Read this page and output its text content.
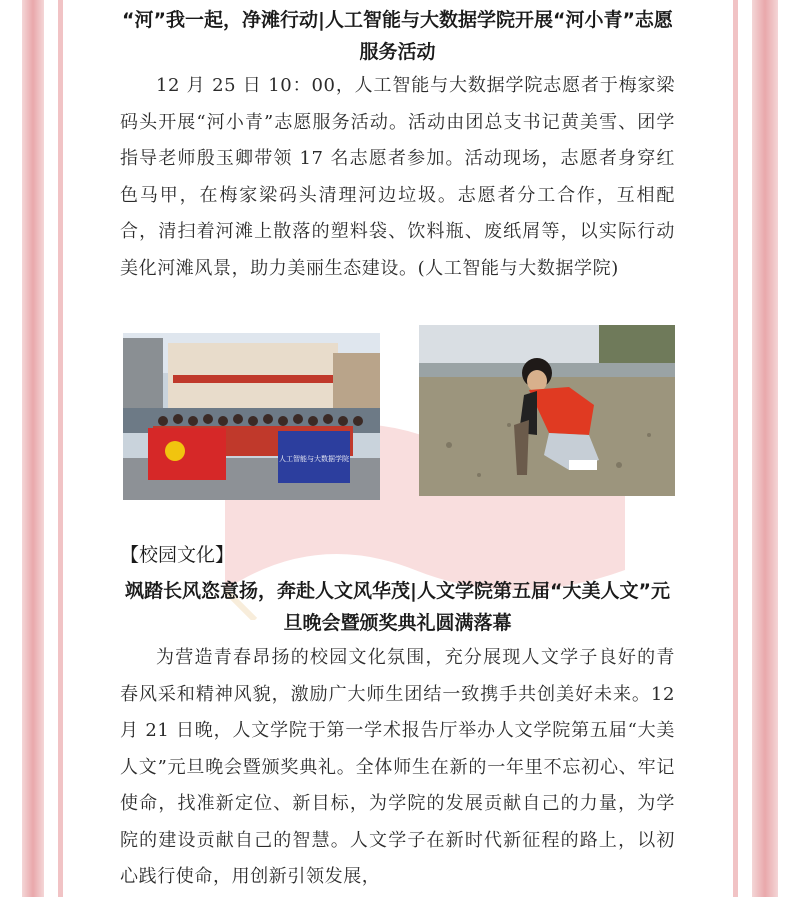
“河”我一起，净滩行动|人工智能与大数据学院开展“河小青”志愿服务活动

12 月 25 日 10：00，人工智能与大数据学院志愿者于梅家梁码头开展“河小青”志愿服务活动。活动由团总支书记黄美雪、团学指导老师殷玉卿带领 17 名志愿者参加。活动现场，志愿者身穿红色马甲，在梅家梁码头清理河边垃圾。志愿者分工合作，互相配合，清扫着河滩上散落的塑料袋、饮料瓶、废纸屑等，以实际行动美化河滩风景，助力美丽生态建设。(人工智能与大数据学院)

人工智能与大数据学院

【校园文化】

飒踏长风恣意扬，奔赴人文风华茂|人文学院第五届“大美人文”元旦晚会暨颁奖典礼圆满落幕

为营造青春昂扬的校园文化氛围，充分展现人文学子良好的青春风采和精神风貌，激励广大师生团结一致携手共创美好未来。12 月 21 日晚，人文学院于第一学术报告厅举办人文学院第五届“大美人文”元旦晚会暨颁奖典礼。全体师生在新的一年里不忘初心、牢记使命，找准新定位、新目标，为学院的发展贡献自己的力量，为学院的建设贡献自己的智慧。人文学子在新时代新征程的路上，以初心践行使命，用创新引领发展，
